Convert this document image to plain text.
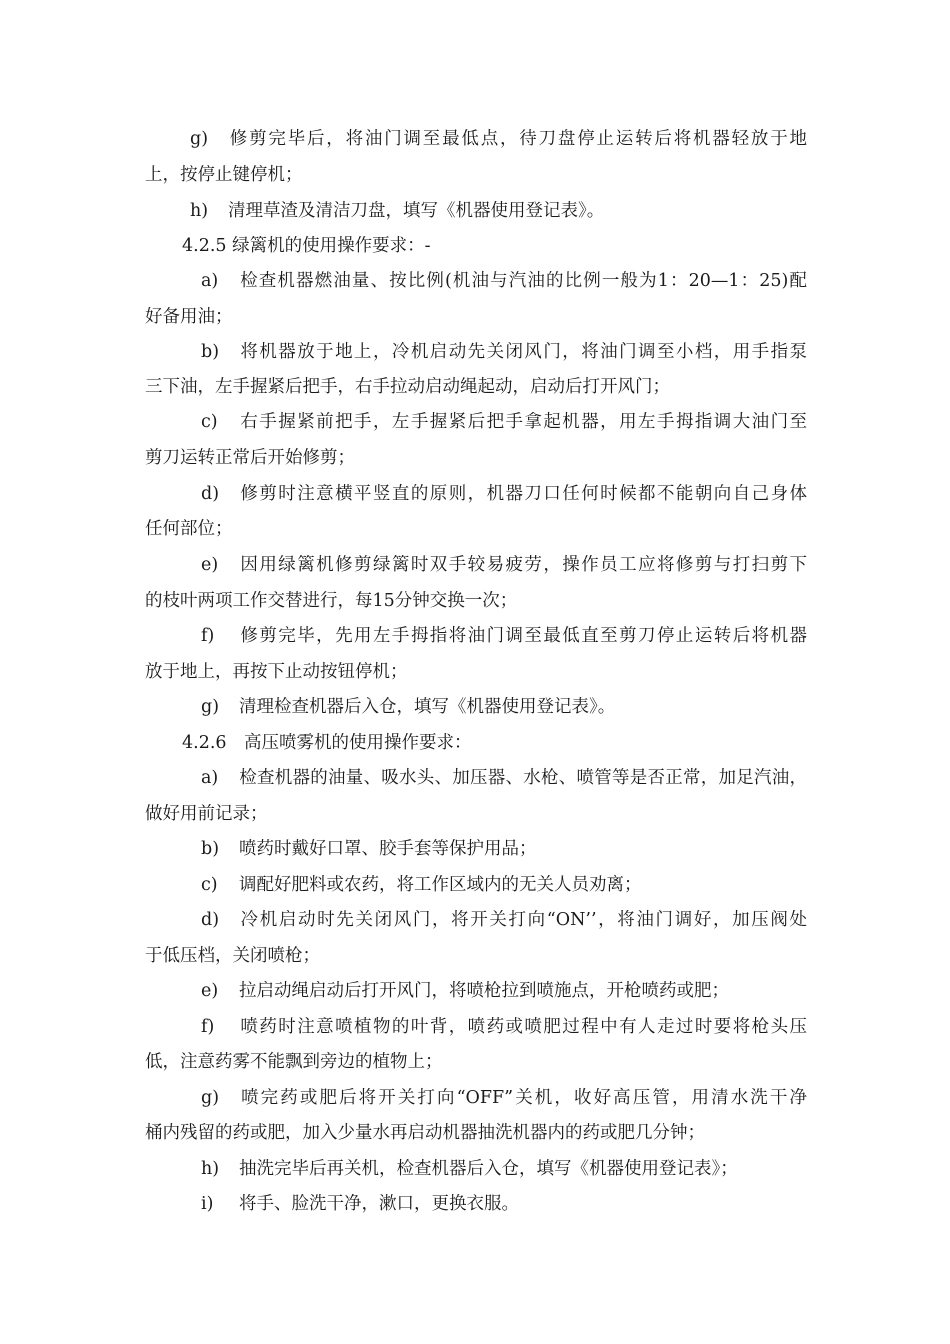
g) 修剪完毕后，将油门调至最低点，待刀盘停止运转后将机器轻放于地
上，按停止键停机；
h) 清理草渣及清洁刀盘，填写《机器使用登记表》。
4.2.5 绿篱机的使用操作要求：-
a) 检查机器燃油量、按比例(机油与汽油的比例一般为1：20—1：25)配
好备用油；
b) 将机器放于地上，冷机启动先关闭风门，将油门调至小档，用手指泵
三下油，左手握紧后把手，右手拉动启动绳起动，启动后打开风门；
c) 右手握紧前把手，左手握紧后把手拿起机器，用左手拇指调大油门至
剪刀运转正常后开始修剪；
d) 修剪时注意横平竖直的原则，机器刀口任何时候都不能朝向自己身体
任何部位；
e) 因用绿篱机修剪绿篱时双手较易疲劳，操作员工应将修剪与打扫剪下
的枝叶两项工作交替进行，每15分钟交换一次；
f) 修剪完毕，先用左手拇指将油门调至最低直至剪刀停止运转后将机器
放于地上，再按下止动按钮停机；
g) 清理检查机器后入仓，填写《机器使用登记表》。
4.2.6　高压喷雾机的使用操作要求：
a) 检查机器的油量、吸水头、加压器、水枪、喷管等是否正常，加足汽油，
做好用前记录；
b) 喷药时戴好口罩、胶手套等保护用品；
c) 调配好肥料或农药，将工作区域内的无关人员劝离；
d) 冷机启动时先关闭风门，将开关打向“ON’’，将油门调好，加压阀处
于低压档，关闭喷枪；
e) 拉启动绳启动后打开风门，将喷枪拉到喷施点，开枪喷药或肥；
f) 喷药时注意喷植物的叶背，喷药或喷肥过程中有人走过时要将枪头压
低，注意药雾不能飘到旁边的植物上；
g) 喷完药或肥后将开关打向“OFF”关机，收好高压管，用清水洗干净
桶内残留的药或肥，加入少量水再启动机器抽洗机器内的药或肥几分钟；
h) 抽洗完毕后再关机，检查机器后入仓，填写《机器使用登记表》；
i) 将手、脸洗干净，漱口，更换衣服。
